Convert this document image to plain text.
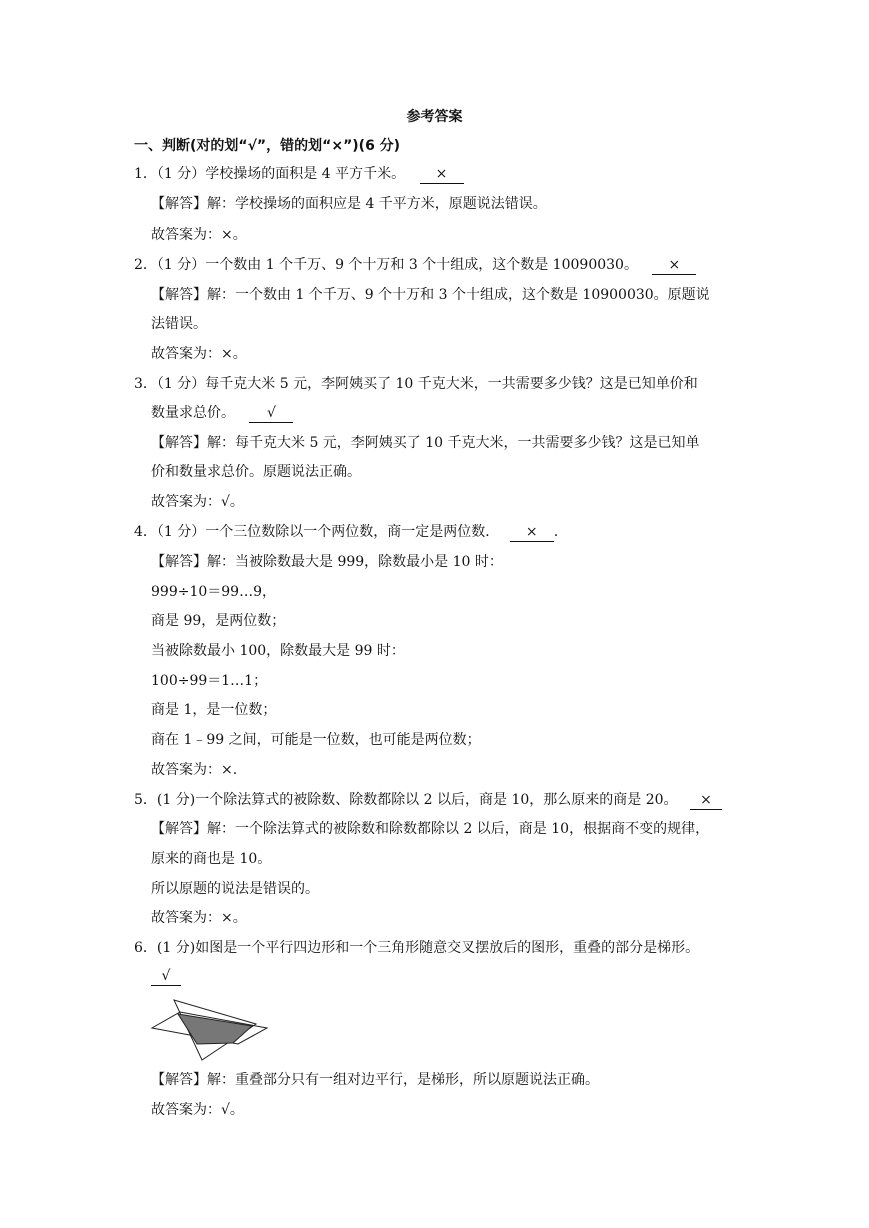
参考答案
一、判断(对的划“√”，错的划“×”)(6 分)
1．（1 分）学校操场的面积是 4 平方千米。 ×
【解答】解：学校操场的面积应是 4 千平方米，原题说法错误。
故答案为：×。
2．（1 分）一个数由 1 个千万、9 个十万和 3 个十组成，这个数是 10090030。 ×
【解答】解：一个数由 1 个千万、9 个十万和 3 个十组成，这个数是 10900030。原题说
法错误。
故答案为：×。
3．（1 分）每千克大米 5 元，李阿姨买了 10 千克大米，一共需要多少钱？这是已知单价和
数量求总价。 √
【解答】解：每千克大米 5 元，李阿姨买了 10 千克大米，一共需要多少钱？这是已知单
价和数量求总价。原题说法正确。
故答案为：√。
4．（1 分）一个三位数除以一个两位数，商一定是两位数． × .
【解答】解：当被除数最大是 999，除数最小是 10 时：
999÷10＝99…9，
商是 99，是两位数；
当被除数最小 100，除数最大是 99 时：
100÷99＝1…1；
商是 1，是一位数；
商在 1﹣99 之间，可能是一位数，也可能是两位数；
故答案为：×.
5．(1 分)一个除法算式的被除数、除数都除以 2 以后，商是 10，那么原来的商是 20。 ×
【解答】解：一个除法算式的被除数和除数都除以 2 以后，商是 10，根据商不变的规律，
原来的商也是 10。
所以原题的说法是错误的。
故答案为：×。
6．(1 分)如图是一个平行四边形和一个三角形随意交叉摆放后的图形，重叠的部分是梯形。
√
【解答】解：重叠部分只有一组对边平行，是梯形，所以原题说法正确。
故答案为：√。
